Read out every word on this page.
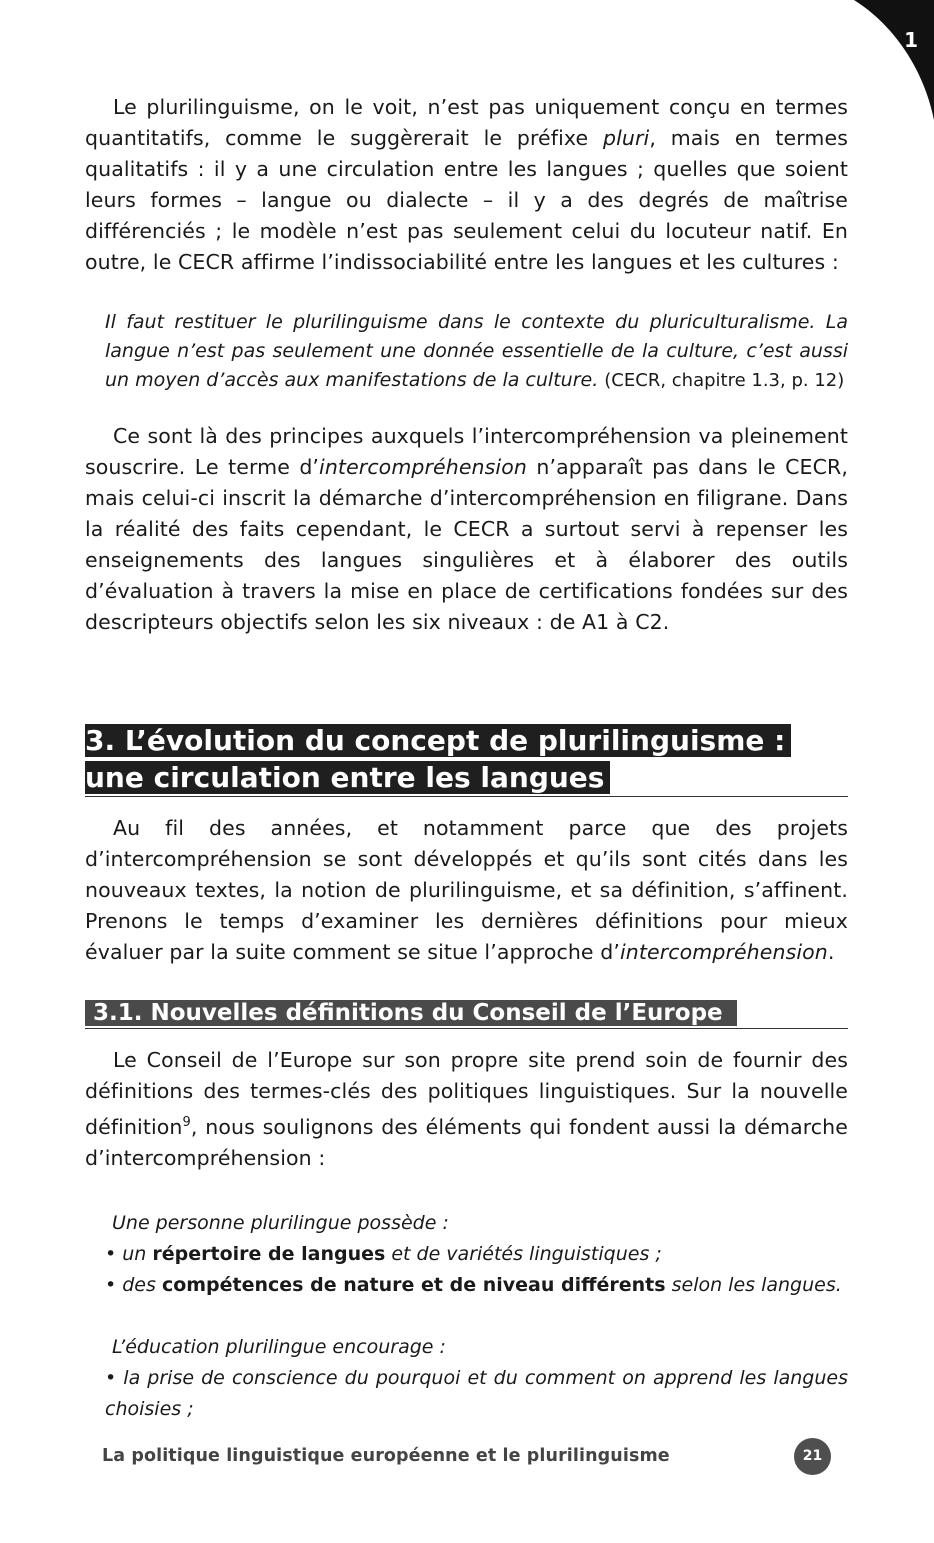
1

Le plurilinguisme, on le voit, n’est pas uniquement conçu en termes quantitatifs, comme le suggèrerait le préfixe pluri, mais en termes qualitatifs : il y a une circulation entre les langues ; quelles que soient leurs formes – langue ou dialecte – il y a des degrés de maîtrise différenciés ; le modèle n’est pas seulement celui du locuteur natif. En outre, le CECR affirme l’indissociabilité entre les langues et les cultures :

Il faut restituer le plurilinguisme dans le contexte du pluriculturalisme. La langue n’est pas seulement une donnée essentielle de la culture, c’est aussi un moyen d’accès aux manifestations de la culture. (CECR, chapitre 1.3, p. 12)

Ce sont là des principes auxquels l’intercompréhension va pleinement souscrire. Le terme d’intercompréhension n’apparaît pas dans le CECR, mais celui-ci inscrit la démarche d’intercompréhension en filigrane. Dans la réalité des faits cependant, le CECR a surtout servi à repenser les enseignements des langues singulières et à élaborer des outils d’évaluation à travers la mise en place de certifications fondées sur des descripteurs objectifs selon les six niveaux : de A1 à C2.

3. L’évolution du concept de plurilinguisme :
une circulation entre les langues

Au fil des années, et notamment parce que des projets d’intercompréhension se sont développés et qu’ils sont cités dans les nouveaux textes, la notion de plurilinguisme, et sa définition, s’affinent. Prenons le temps d’examiner les dernières définitions pour mieux évaluer par la suite comment se situe l’approche d’intercompréhension.

3.1. Nouvelles définitions du Conseil de l’Europe

Le Conseil de l’Europe sur son propre site prend soin de fournir des définitions des termes-clés des politiques linguistiques. Sur la nouvelle définition$^9$, nous soulignons des éléments qui fondent aussi la démarche d’intercompréhension :

Une personne plurilingue possède :
• un répertoire de langues et de variétés linguistiques ;
• des compétences de nature et de niveau différents selon les langues.
L’éducation plurilingue encourage :
• la prise de conscience du pourquoi et du comment on apprend les langues choisies ;
La politique linguistique européenne et le plurilinguisme	21
